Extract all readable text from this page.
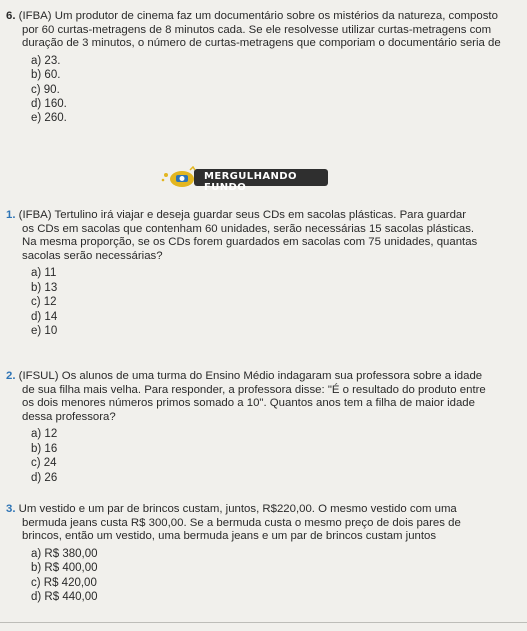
6. (IFBA) Um produtor de cinema faz um documentário sobre os mistérios da natureza, composto
por 60 curtas-metragens de 8 minutos cada. Se ele resolvesse utilizar curtas-metragens com
duração de 3 minutos, o número de curtas-metragens que comporiam o documentário seria de
a) 23.
b) 60.
c) 90.
d) 160.
e) 260.
MERGULHANDO FUNDO
1. (IFBA) Tertulino irá viajar e deseja guardar seus CDs em sacolas plásticas. Para guardar
os CDs em sacolas que contenham 60 unidades, serão necessárias 15 sacolas plásticas.
Na mesma proporção, se os CDs forem guardados em sacolas com 75 unidades, quantas
sacolas serão necessárias?
a) 11
b) 13
c) 12
d) 14
e) 10
2. (IFSUL) Os alunos de uma turma do Ensino Médio indagaram sua professora sobre a idade
de sua filha mais velha. Para responder, a professora disse: "É o resultado do produto entre
os dois menores números primos somado a 10". Quantos anos tem a filha de maior idade
dessa professora?
a) 12
b) 16
c) 24
d) 26
3. Um vestido e um par de brincos custam, juntos, R$220,00. O mesmo vestido com uma
bermuda jeans custa R$ 300,00. Se a bermuda custa o mesmo preço de dois pares de
brincos, então um vestido, uma bermuda jeans e um par de brincos custam juntos
a) R$ 380,00
b) R$ 400,00
c) R$ 420,00
d) R$ 440,00
